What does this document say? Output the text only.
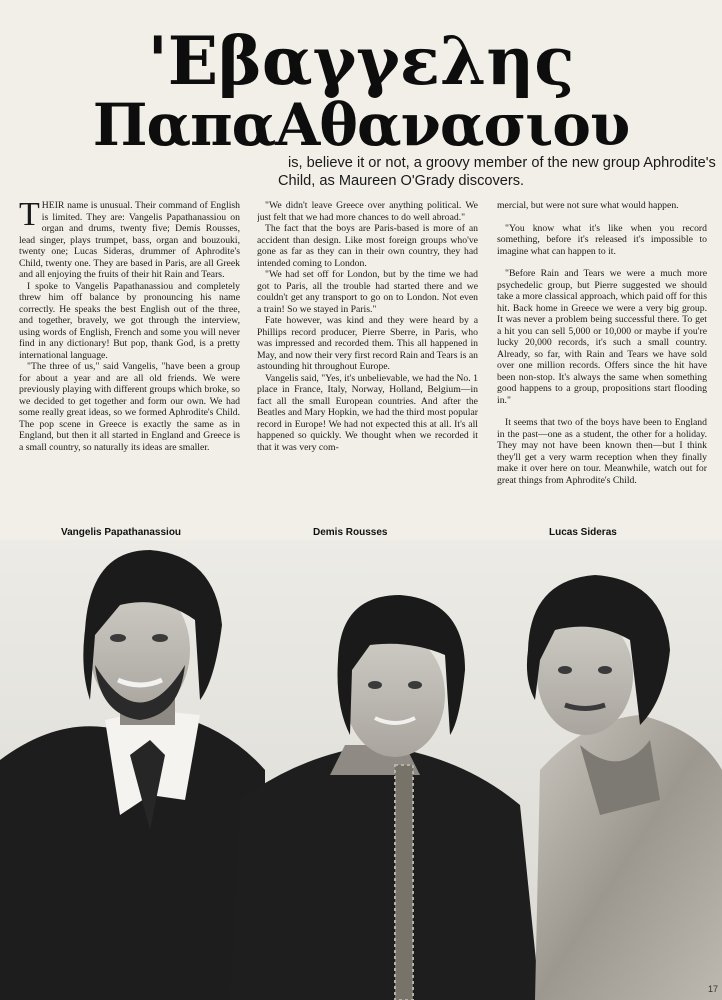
'Εβαγγελης
ΠαπαΑθανασιου
is, believe it or not, a groovy member of the new group Aphrodite's
Child, as Maureen O'Grady discovers.

THEIR name is unusual. Their command of English is limited. They are: Vangelis Papathanassiou on organ and drums, twenty five; Demis Rousses, lead singer, plays trumpet, bass, organ and bouzouki, twenty one; Lucas Sideras, drummer of Aphrodite's Child, twenty one. They are based in Paris, are all Greek and all enjoying the fruits of their hit Rain and Tears.

I spoke to Vangelis Papathanassiou and completely threw him off balance by pronouncing his name correctly. He speaks the best English out of the three, and together, bravely, we got through the interview, using words of English, French and some you will never find in any dictionary! But pop, thank God, is a pretty international language.

"The three of us," said Vangelis, "have been a group for about a year and are all old friends. We were previously playing with different groups which broke, so we decided to get together and form our own. We had some really great ideas, so we formed Aphrodite's Child. The pop scene in Greece is exactly the same as in England, but then it all started in England and Greece is a small country, so naturally its ideas are smaller.

"We didn't leave Greece over anything political. We just felt that we had more chances to do well abroad."

The fact that the boys are Paris-based is more of an accident than design. Like most foreign groups who've gone as far as they can in their own country, they had intended coming to London.

"We had set off for London, but by the time we had got to Paris, all the trouble had started there and we couldn't get any transport to go on to London. Not even a train! So we stayed in Paris."

Fate however, was kind and they were heard by a Phillips record producer, Pierre Sberre, in Paris, who was impressed and recorded them. This all happened in May, and now their very first record Rain and Tears is an astounding hit throughout Europe.

Vangelis said, "Yes, it's unbelievable, we had the No. 1 place in France, Italy, Norway, Holland, Belgium—in fact all the small European countries. And after the Beatles and Mary Hopkin, we had the third most popular record in Europe! We had not expected this at all. It's all happened so quickly. We thought when we recorded it that it was very com-

mercial, but were not sure what would happen.

"You know what it's like when you record something, before it's released it's impossible to imagine what can happen to it.

"Before Rain and Tears we were a much more psychedelic group, but Pierre suggested we should take a more classical approach, which paid off for this hit. Back home in Greece we were a very big group. It was never a problem being successful there. To get a hit you can sell 5,000 or 10,000 or maybe if you're lucky 20,000 records, it's such a small country. Already, so far, with Rain and Tears we have sold over one million records. Offers since the hit have been non-stop. It's always the same when something good happens to a group, propositions start flooding in."

It seems that two of the boys have been to England in the past—one as a student, the other for a holiday. They may not have been known then—but I think they'll get a very warm reception when they finally make it over here on tour. Meanwhile, watch out for great things from Aphrodite's Child.

Vangelis Papathanassiou	Demis Rousses	Lucas Sideras
17
